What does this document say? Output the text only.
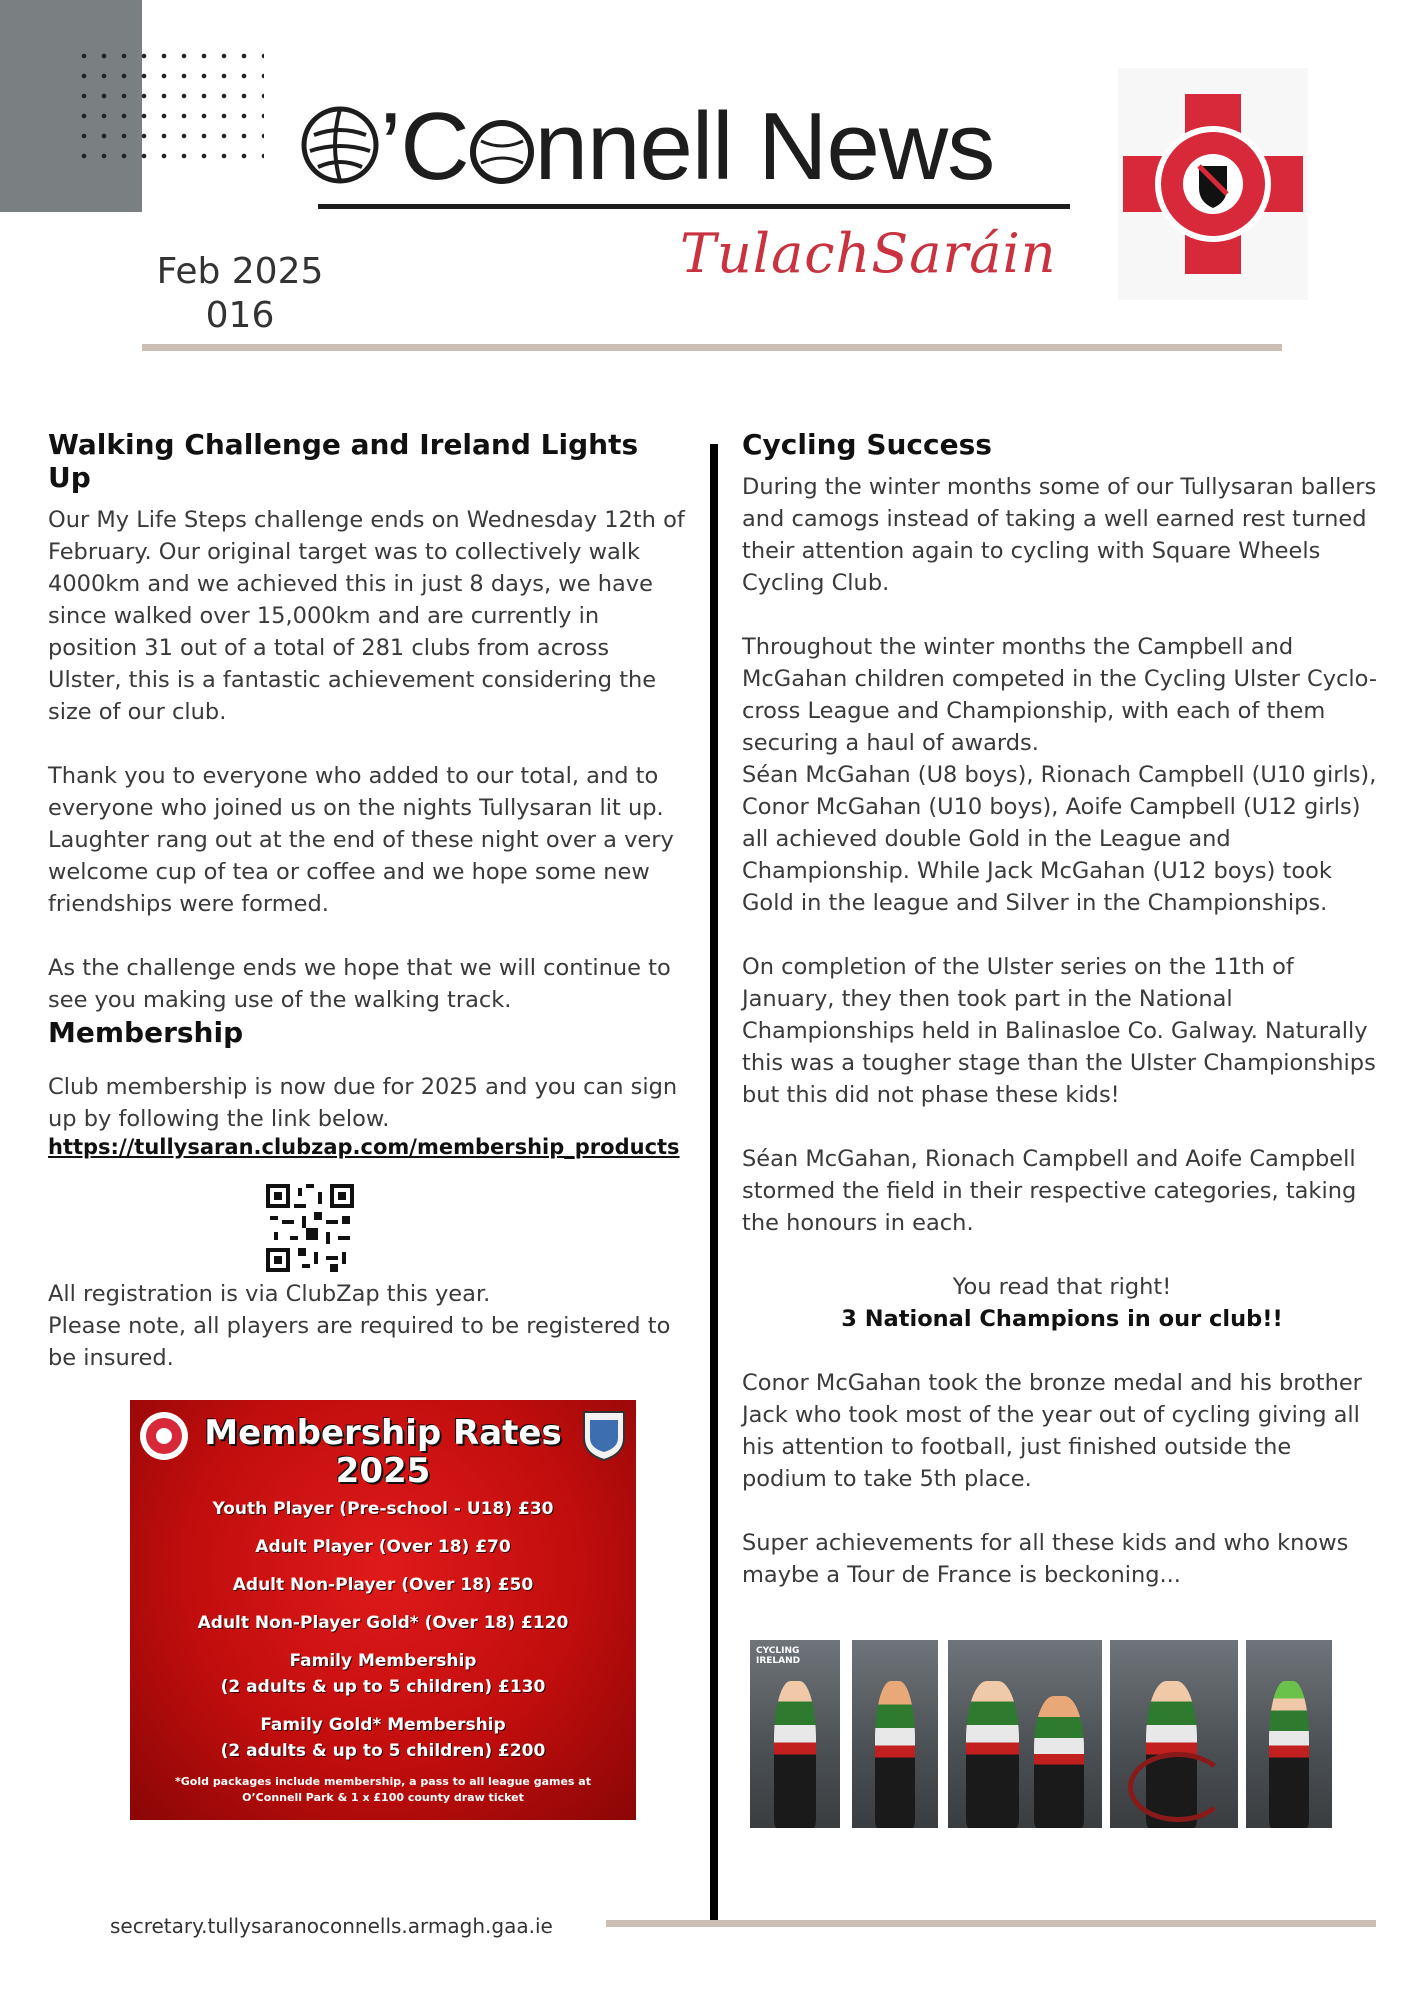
’C nnell News
TulachSaráin
Feb 2025
016
Walking Challenge and Ireland Lights Up

Our My Life Steps challenge ends on Wednesday 12th of February. Our original target was to collectively walk 4000km and we achieved this in just 8 days, we have since walked over 15,000km and are currently in position 31 out of a total of 281 clubs from across Ulster, this is a fantastic achievement considering the size of our club.

Thank you to everyone who added to our total, and to everyone who joined us on the nights Tullysaran lit up. Laughter rang out at the end of these night over a very welcome cup of tea or coffee and we hope some new friendships were formed.

As the challenge ends we hope that we will continue to see you making use of the walking track.

Membership

Club membership is now due for 2025 and you can sign up by following the link below.

https://tullysaran.clubzap.com/membership_products

All registration is via ClubZap this year.

Please note, all players are required to be registered to be insured.

Membership Rates
2025
Youth Player (Pre-school - U18) £30
Adult Player (Over 18) £70
Adult Non-Player (Over 18) £50
Adult Non-Player Gold* (Over 18) £120
Family Membership
(2 adults & up to 5 children) £130
Family Gold* Membership
(2 adults & up to 5 children) £200
*Gold packages include membership, a pass to all league games at O’Connell Park & 1 x £100 county draw ticket
Cycling Success

During the winter months some of our Tullysaran ballers and camogs instead of taking a well earned rest turned their attention again to cycling with Square Wheels Cycling Club.

Throughout the winter months the Campbell and McGahan children competed in the Cycling Ulster Cyclo-cross League and Championship, with each of them securing a haul of awards.

Séan McGahan (U8 boys), Rionach Campbell (U10 girls), Conor McGahan (U10 boys), Aoife Campbell (U12 girls) all achieved double Gold in the League and Championship. While Jack McGahan (U12 boys) took Gold in the league and Silver in the Championships.

On completion of the Ulster series on the 11th of January, they then took part in the National Championships held in Balinasloe Co. Galway. Naturally this was a tougher stage than the Ulster Championships but this did not phase these kids!

Séan McGahan, Rionach Campbell and Aoife Campbell stormed the field in their respective categories, taking the honours in each.

You read that right!

3 National Champions in our club!!

Conor McGahan took the bronze medal and his brother Jack who took most of the year out of cycling giving all his attention to football, just finished outside the podium to take 5th place.

Super achievements for all these kids and who knows maybe a Tour de France is beckoning...

CYCLING IRELAND
secretary.tullysaranoconnells.armagh.gaa.ie
